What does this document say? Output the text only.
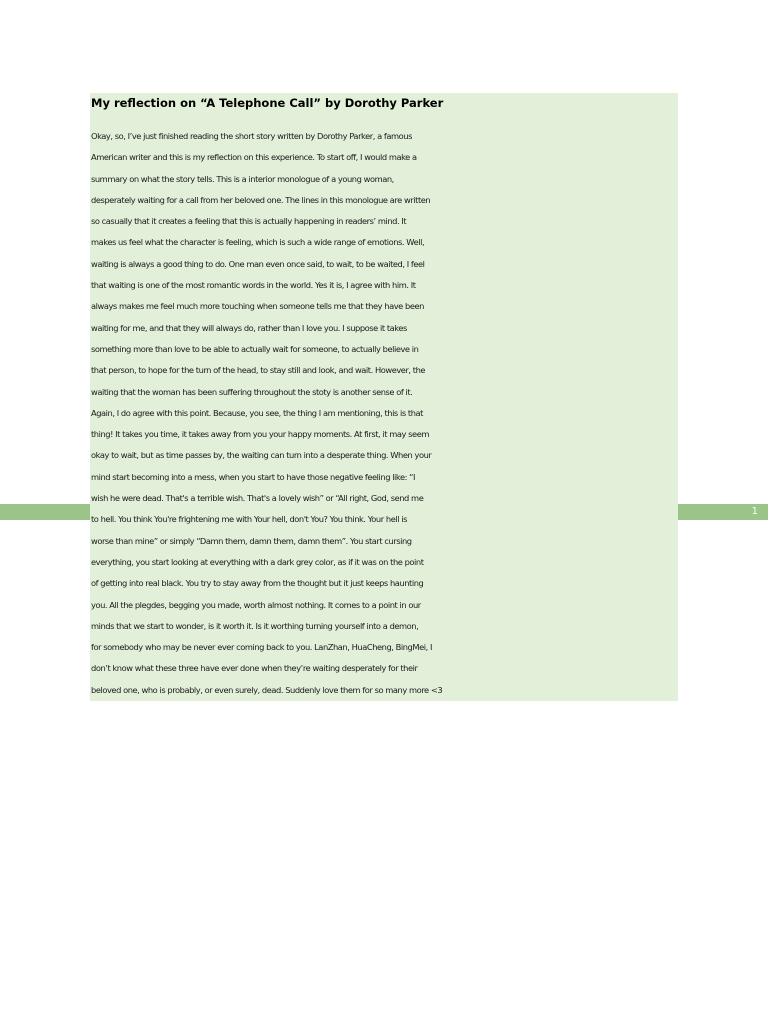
1

My reflection on “A Telephone Call” by Dorothy Parker

Okay, so, I’ve just finished reading the short story written by Dorothy Parker, a famous
American writer and this is my reflection on this experience. To start off, I would make a
summary on what the story tells. This is a interior monologue of a young woman,
desperately waiting for a call from her beloved one. The lines in this monologue are written
so casually that it creates a feeling that this is actually happening in readers’ mind. It
makes us feel what the character is feeling, which is such a wide range of emotions. Well,
waiting is always a good thing to do. One man even once said, to wait, to be waited, I feel
that waiting is one of the most romantic words in the world. Yes it is, I agree with him. It
always makes me feel much more touching when someone tells me that they have been
waiting for me, and that they will always do, rather than I love you. I suppose it takes
something more than love to be able to actually wait for someone, to actually believe in
that person, to hope for the turn of the head, to stay still and look, and wait. However, the
waiting that the woman has been suffering throughout the stoty is another sense of it.
Again, I do agree with this point. Because, you see, the thing I am mentioning, this is that
thing! It takes you time, it takes away from you your happy moments. At first, it may seem
okay to wait, but as time passes by, the waiting can turn into a desperate thing. When your
mind start becoming into a mess, when you start to have those negative feeling like: “I
wish he were dead. That's a terrible wish. That's a lovely wish” or “All right, God, send me
to hell. You think You're frightening me with Your hell, don't You? You think. Your hell is
worse than mine” or simply “Damn them, damn them, damn them”. You start cursing
everything, you start looking at everything with a dark grey color, as if it was on the point
of getting into real black. You try to stay away from the thought but it just keeps haunting
you. All the plegdes, begging you made, worth almost nothing. It comes to a point in our
minds that we start to wonder, is it worth it. Is it worthing turning yourself into a demon,
for somebody who may be never ever coming back to you. LanZhan, HuaCheng, BingMei, I
don’t know what these three have ever done when they’re waiting desperately for their
beloved one, who is probably, or even surely, dead. Suddenly love them for so many more <3
